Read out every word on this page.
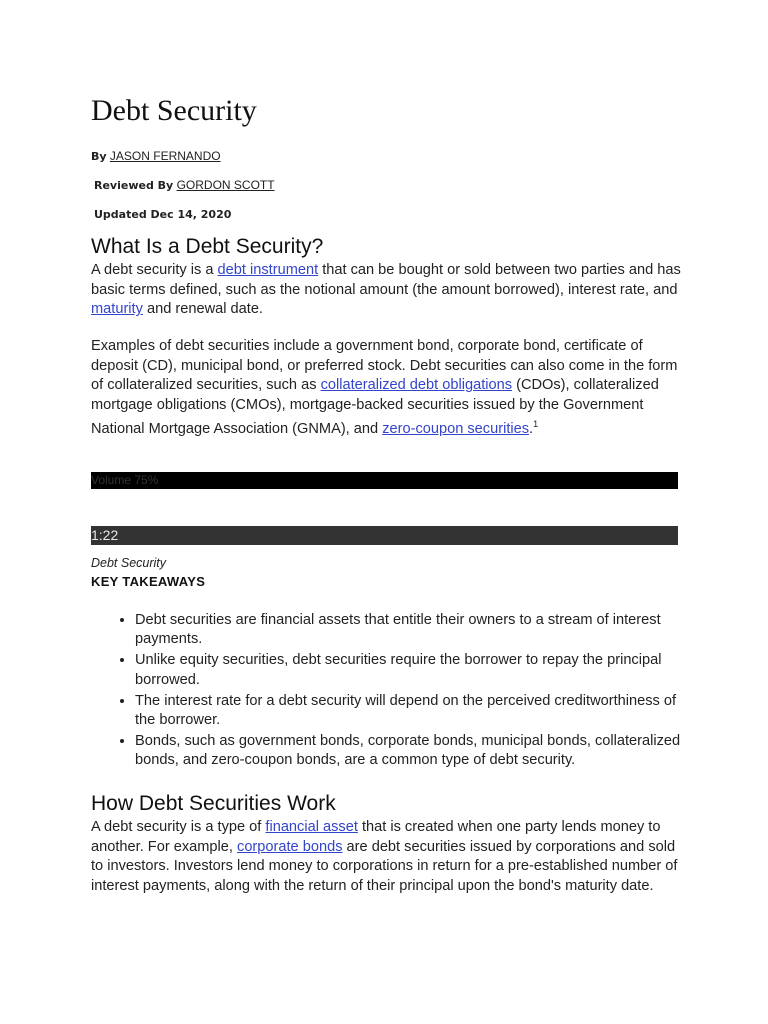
Debt Security
By JASON FERNANDO
Reviewed By GORDON SCOTT
Updated Dec 14, 2020
What Is a Debt Security?

A debt security is a debt instrument that can be bought or sold between two parties and has basic terms defined, such as the notional amount (the amount borrowed), interest rate, and maturity and renewal date.

Examples of debt securities include a government bond, corporate bond, certificate of deposit (CD), municipal bond, or preferred stock. Debt securities can also come in the form of collateralized securities, such as collateralized debt obligations (CDOs), collateralized mortgage obligations (CMOs), mortgage-backed securities issued by the Government National Mortgage Association (GNMA), and zero-coupon securities.$^1$

Volume 75%
1:22
Debt Security
KEY TAKEAWAYS
• Debt securities are financial assets that entitle their owners to a stream of interest payments.
• Unlike equity securities, debt securities require the borrower to repay the principal borrowed.
• The interest rate for a debt security will depend on the perceived creditworthiness of the borrower.
• Bonds, such as government bonds, corporate bonds, municipal bonds, collateralized bonds, and zero-coupon bonds, are a common type of debt security.
How Debt Securities Work

A debt security is a type of financial asset that is created when one party lends money to another. For example, corporate bonds are debt securities issued by corporations and sold to investors. Investors lend money to corporations in return for a pre-established number of interest payments, along with the return of their principal upon the bond's maturity date.
